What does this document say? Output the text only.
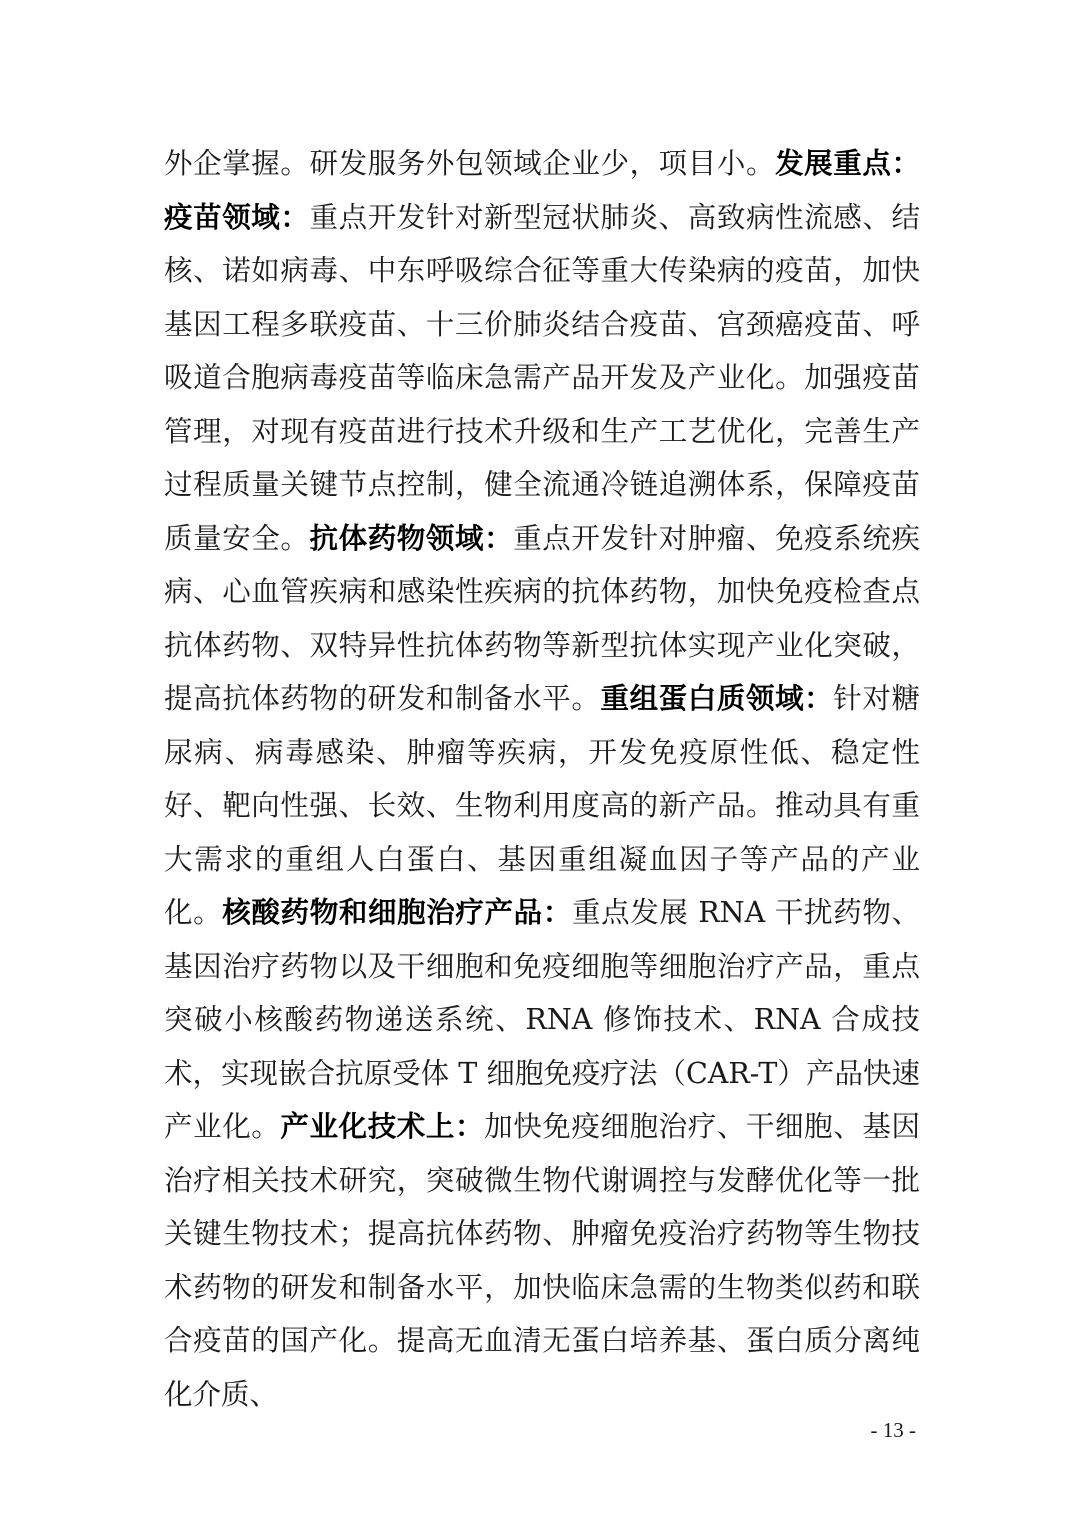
外企掌握。研发服务外包领域企业少，项目小。发展重点：疫苗领域：重点开发针对新型冠状肺炎、高致病性流感、结核、诺如病毒、中东呼吸综合征等重大传染病的疫苗，加快基因工程多联疫苗、十三价肺炎结合疫苗、宫颈癌疫苗、呼吸道合胞病毒疫苗等临床急需产品开发及产业化。加强疫苗管理，对现有疫苗进行技术升级和生产工艺优化，完善生产过程质量关键节点控制，健全流通冷链追溯体系，保障疫苗质量安全。抗体药物领域：重点开发针对肿瘤、免疫系统疾病、心血管疾病和感染性疾病的抗体药物，加快免疫检查点抗体药物、双特异性抗体药物等新型抗体实现产业化突破，提高抗体药物的研发和制备水平。重组蛋白质领域：针对糖尿病、病毒感染、肿瘤等疾病，开发免疫原性低、稳定性好、靶向性强、长效、生物利用度高的新产品。推动具有重大需求的重组人白蛋白、基因重组凝血因子等产品的产业化。核酸药物和细胞治疗产品：重点发展 RNA 干扰药物、基因治疗药物以及干细胞和免疫细胞等细胞治疗产品，重点突破小核酸药物递送系统、RNA 修饰技术、RNA 合成技术，实现嵌合抗原受体 T 细胞免疫疗法（CAR-T）产品快速产业化。产业化技术上：加快免疫细胞治疗、干细胞、基因治疗相关技术研究，突破微生物代谢调控与发酵优化等一批关键生物技术；提高抗体药物、肿瘤免疫治疗药物等生物技术药物的研发和制备水平，加快临床急需的生物类似药和联合疫苗的国产化。提高无血清无蛋白培养基、蛋白质分离纯化介质、

- 13 -
